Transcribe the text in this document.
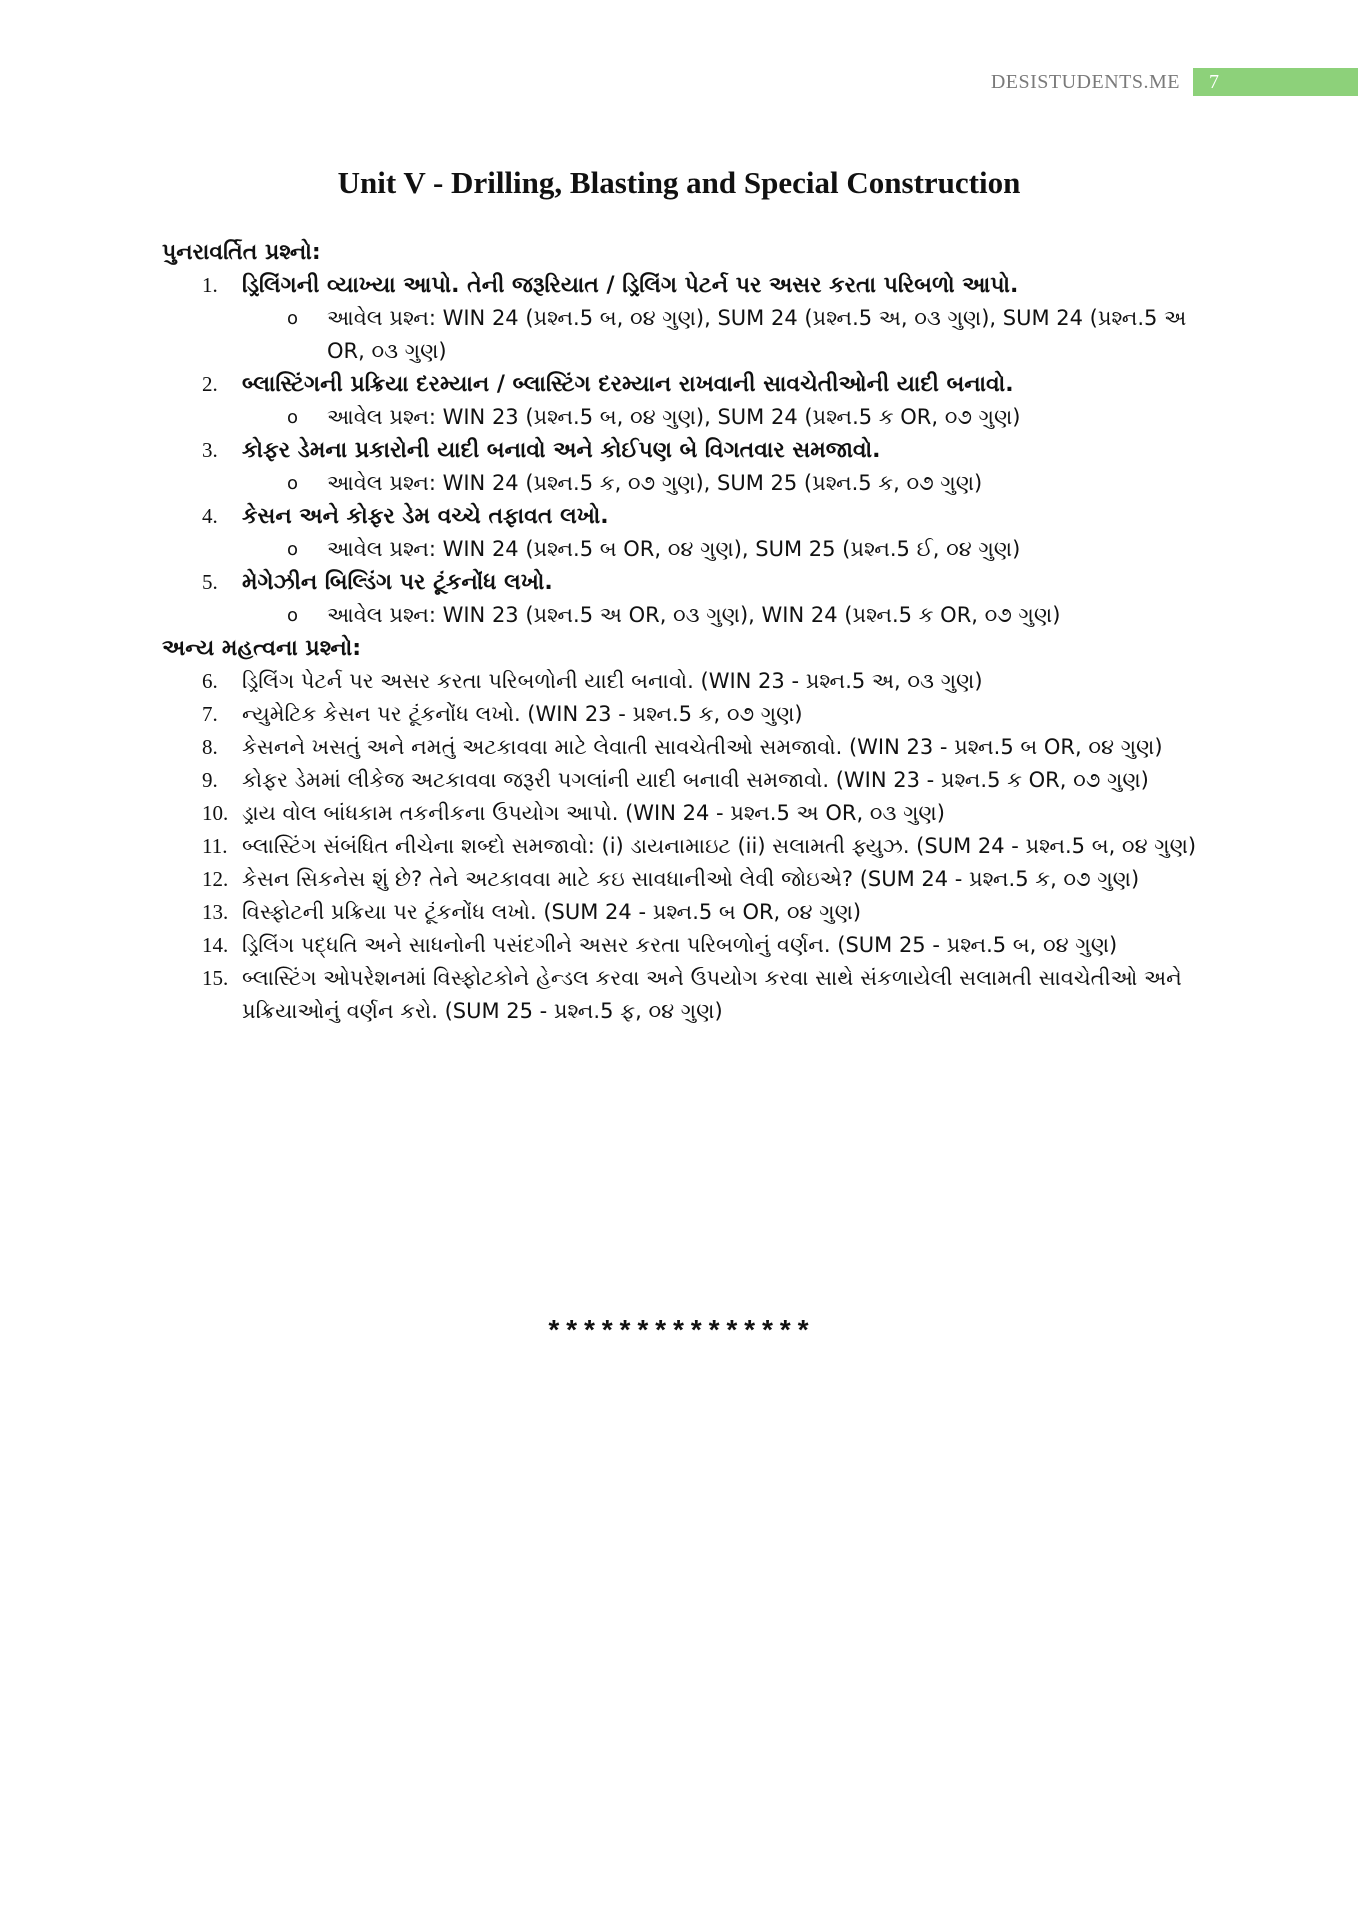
DESISTUDENTS.ME	7
Unit V - Drilling, Blasting and Special Construction

પુનરાવર્તિત પ્રશ્નો:

1. ડ્રિલિંગની વ્યાખ્યા આપો. તેની જરૂરિયાત / ડ્રિલિંગ પેટર્ન પર અસર કરતા પરિબળો આપો.

o આવેલ પ્રશ્ન: WIN 24 (પ્રશ્ન.5 બ, ૦૪ ગુણ), SUM 24 (પ્રશ્ન.5 અ, ૦૩ ગુણ), SUM 24 (પ્રશ્ન.5 અ OR, ૦૩ ગુણ)

2. બ્લાસ્ટિંગની પ્રક્રિયા દરમ્યાન / બ્લાસ્ટિંગ દરમ્યાન રાખવાની સાવચેતીઓની યાદી બનાવો.

o આવેલ પ્રશ્ન: WIN 23 (પ્રશ્ન.5 બ, ૦૪ ગુણ), SUM 24 (પ્રશ્ન.5 ક OR, ૦૭ ગુણ)

3. કોફર ડેમના પ્રકારોની યાદી બનાવો અને કોઈપણ બે વિગતવાર સમજાવો.

o આવેલ પ્રશ્ન: WIN 24 (પ્રશ્ન.5 ક, ૦૭ ગુણ), SUM 25 (પ્રશ્ન.5 ક, ૦૭ ગુણ)

4. કેસન અને કોફર ડેમ વચ્ચે તફાવત લખો.

o આવેલ પ્રશ્ન: WIN 24 (પ્રશ્ન.5 બ OR, ૦૪ ગુણ), SUM 25 (પ્રશ્ન.5 ઈ, ૦૪ ગુણ)

5. મેગેઝીન બિલ્ડિંગ પર ટૂંકનોંધ લખો.

o આવેલ પ્રશ્ન: WIN 23 (પ્રશ્ન.5 અ OR, ૦૩ ગુણ), WIN 24 (પ્રશ્ન.5 ક OR, ૦૭ ગુણ)

અન્ય મહત્વના પ્રશ્નો:

6. ડ્રિલિંગ પેટર્ન પર અસર કરતા પરિબળોની યાદી બનાવો. (WIN 23 - પ્રશ્ન.5 અ, ૦૩ ગુણ)

7. ન્યુમેટિક કેસન પર ટૂંકનોંધ લખો. (WIN 23 - પ્રશ્ન.5 ક, ૦૭ ગુણ)

8. કેસનને ખસતું અને નમતું અટકાવવા માટે લેવાતી સાવચેતીઓ સમજાવો. (WIN 23 - પ્રશ્ન.5 બ OR, ૦૪ ગુણ)

9. કોફર ડેમમાં લીકેજ અટકાવવા જરૂરી પગલાંની યાદી બનાવી સમજાવો. (WIN 23 - પ્રશ્ન.5 ક OR, ૦૭ ગુણ)

10. ડ્રાય વોલ બાંધકામ તકનીકના ઉપયોગ આપો. (WIN 24 - પ્રશ્ન.5 અ OR, ૦૩ ગુણ)

11. બ્લાસ્ટિંગ સંબંધિત નીચેના શબ્દો સમજાવો: (i) ડાયનામાઇટ (ii) સલામતી ફ્યુઝ. (SUM 24 - પ્રશ્ન.5 બ, ૦૪ ગુણ)

12. કેસન સિકનેસ શું છે? તેને અટકાવવા માટે કઇ સાવધાનીઓ લેવી જોઇએ? (SUM 24 - પ્રશ્ન.5 ક, ૦૭ ગુણ)

13. વિસ્ફોટની પ્રક્રિયા પર ટૂંકનોંધ લખો. (SUM 24 - પ્રશ્ન.5 બ OR, ૦૪ ગુણ)

14. ડ્રિલિંગ પદ્ધતિ અને સાધનોની પસંદગીને અસર કરતા પરિબળોનું વર્ણન. (SUM 25 - પ્રશ્ન.5 બ, ૦૪ ગુણ)

15. બ્લાસ્ટિંગ ઓપરેશનમાં વિસ્ફોટકોને હેન્ડલ કરવા અને ઉપયોગ કરવા સાથે સંકળાયેલી સલામતી સાવચેતીઓ અને પ્રક્રિયાઓનું વર્ણન કરો. (SUM 25 - પ્રશ્ન.5 ફ, ૦૪ ગુણ)

***************
